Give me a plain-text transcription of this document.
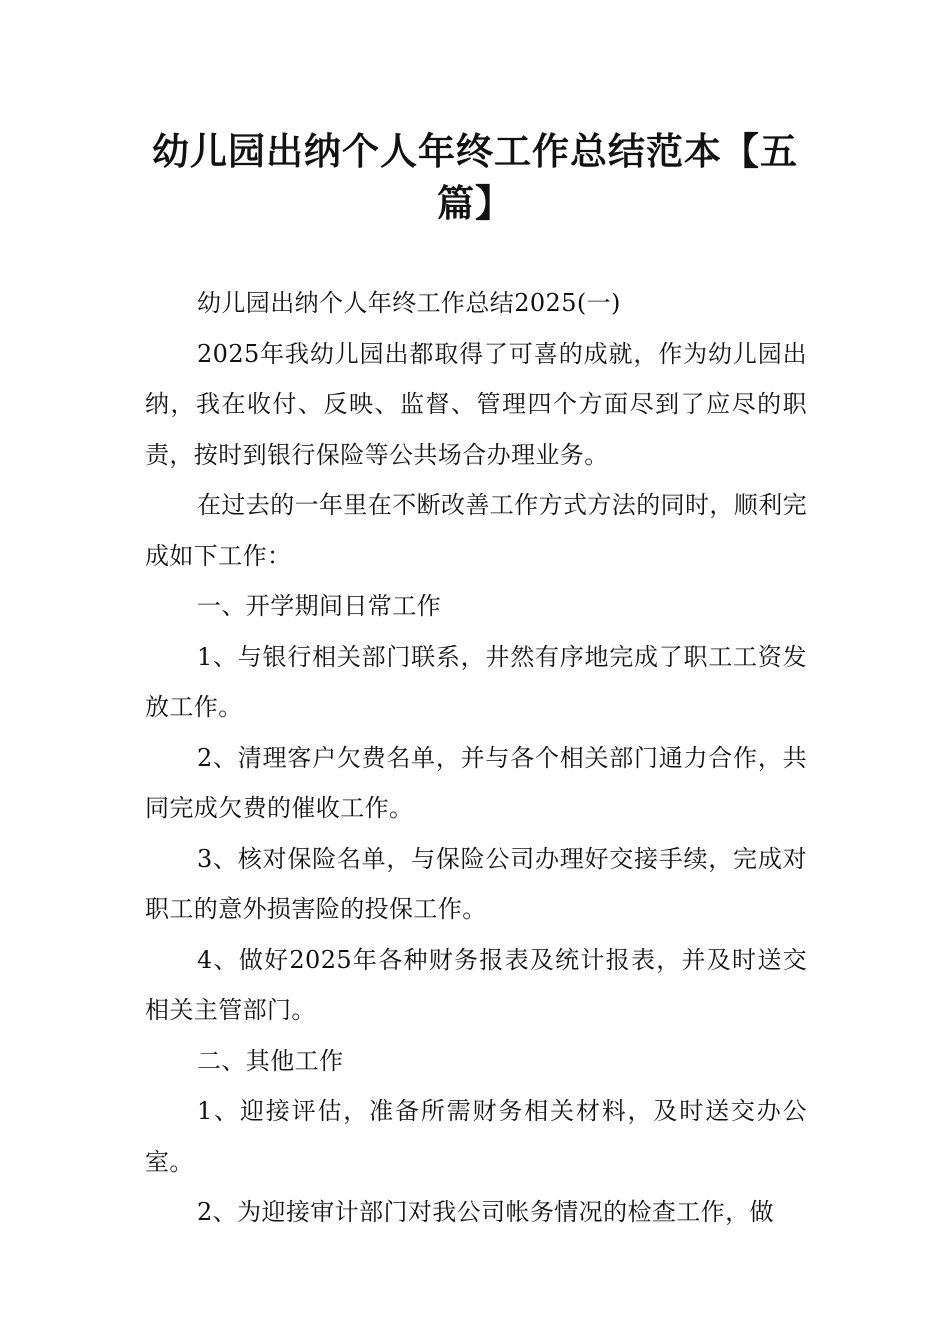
幼儿园出纳个人年终工作总结范本【五篇】

幼儿园出纳个人年终工作总结2025(一)

2025年我幼儿园出都取得了可喜的成就，作为幼儿园出纳，我在收付、反映、监督、管理四个方面尽到了应尽的职责，按时到银行保险等公共场合办理业务。

在过去的一年里在不断改善工作方式方法的同时，顺利完成如下工作：

一、开学期间日常工作

1、与银行相关部门联系，井然有序地完成了职工工资发放工作。

2、清理客户欠费名单，并与各个相关部门通力合作，共同完成欠费的催收工作。

3、核对保险名单，与保险公司办理好交接手续，完成对职工的意外损害险的投保工作。

4、做好2025年各种财务报表及统计报表，并及时送交相关主管部门。

二、其他工作

1、迎接评估，准备所需财务相关材料，及时送交办公室。

2、为迎接审计部门对我公司帐务情况的检查工作，做
